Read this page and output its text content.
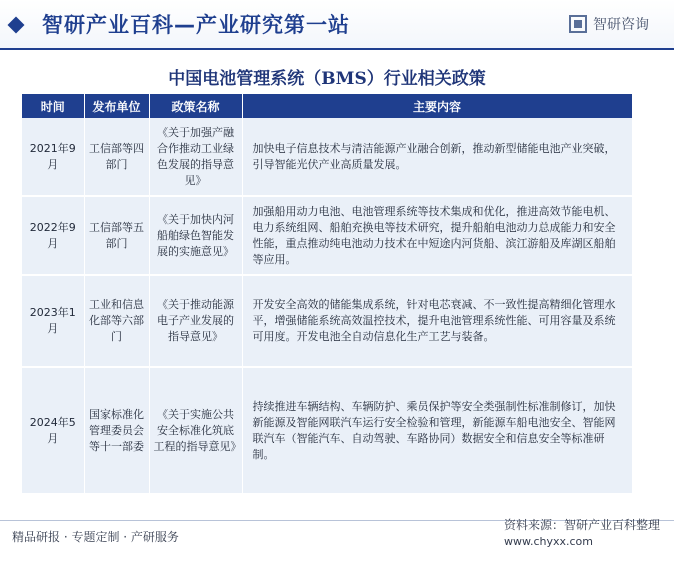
智研产业百科—产业研究第一站	智研咨询
中国电池管理系统（BMS）行业相关政策
时间	发布单位	政策名称	主要内容
2021年9月	工信部等四部门	《关于加强产融合作推动工业绿色发展的指导意见》	加快电子信息技术与清洁能源产业融合创新，推动新型储能电池产业突破，引导智能光伏产业高质量发展。
2022年9月	工信部等五部门	《关于加快内河船舶绿色智能发展的实施意见》	加强船用动力电池、电池管理系统等技术集成和优化，推进高效节能电机、电力系统组网、船舶充换电等技术研究，提升船舶电池动力总成能力和安全性能，重点推动纯电池动力技术在中短途内河货船、滨江游船及库湖区船舶等应用。
2023年1月	工业和信息化部等六部门	《关于推动能源电子产业发展的指导意见》	开发安全高效的储能集成系统，针对电芯衰减、不一致性提高精细化管理水平，增强储能系统高效温控技术，提升电池管理系统性能、可用容量及系统可用度。开发电池全自动信息化生产工艺与装备。
2024年5月	国家标准化管理委员会等十一部委	《关于实施公共安全标准化筑底工程的指导意见》	持续推进车辆结构、车辆防护、乘员保护等安全类强制性标准制修订，加快新能源及智能网联汽车运行安全检验和管理，新能源车船电池安全、智能网联汽车（智能汽车、自动驾驶、车路协同）数据安全和信息安全等标准研制。
精品研报 · 专题定制 · 产研服务
资料来源：智研产业百科整理
www.chyxx.com
